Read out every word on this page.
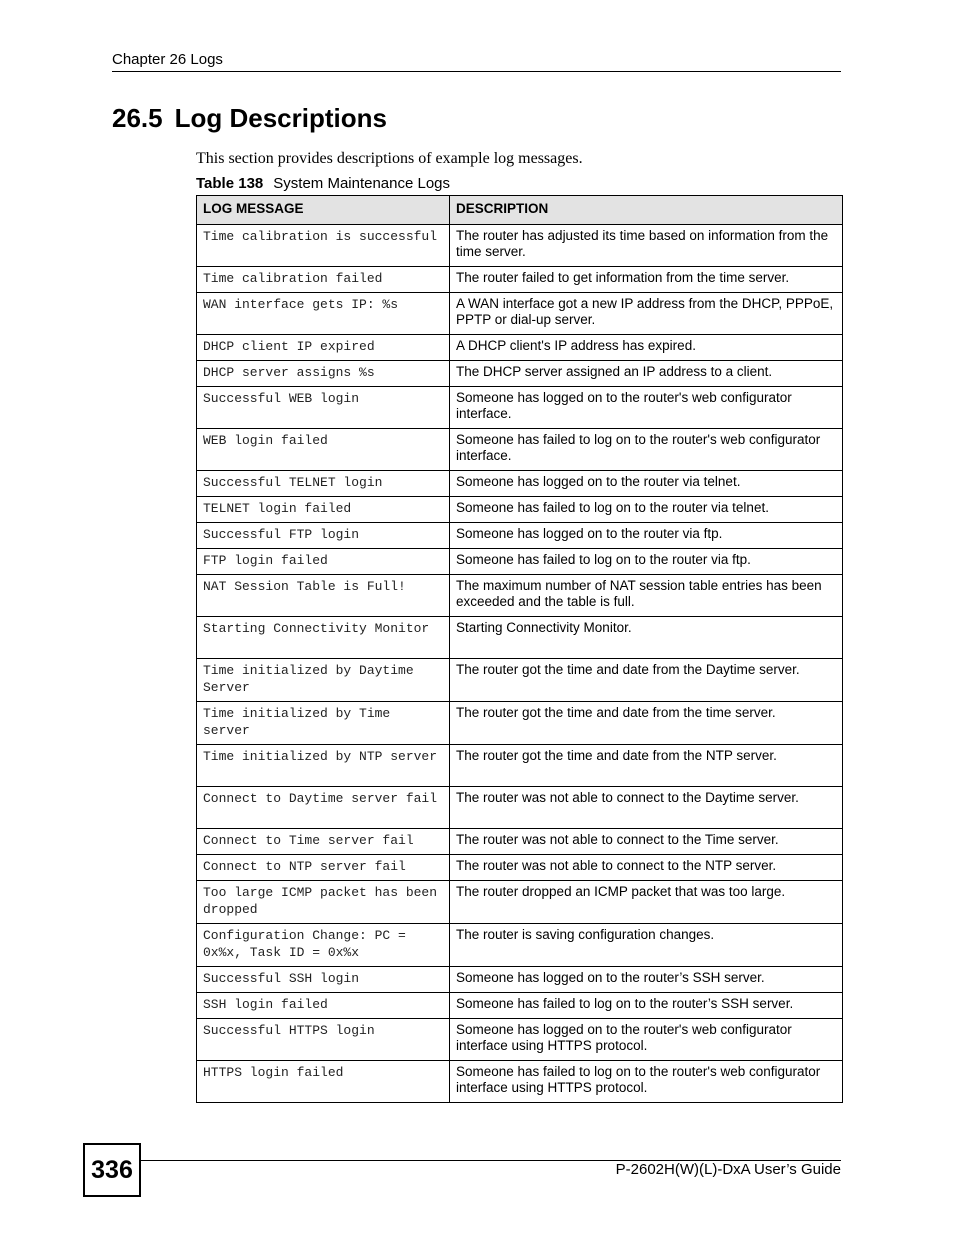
Chapter 26 Logs
26.5 Log Descriptions
This section provides descriptions of example log messages.
Table 138 System Maintenance Logs
LOG MESSAGE	DESCRIPTION
Time calibration is successful	The router has adjusted its time based on information from the time server.
Time calibration failed	The router failed to get information from the time server.
WAN interface gets IP: %s	A WAN interface got a new IP address from the DHCP, PPPoE, PPTP or dial-up server.
DHCP client IP expired	A DHCP client's IP address has expired.
DHCP server assigns %s	The DHCP server assigned an IP address to a client.
Successful WEB login	Someone has logged on to the router's web configurator interface.
WEB login failed	Someone has failed to log on to the router's web configurator interface.
Successful TELNET login	Someone has logged on to the router via telnet.
TELNET login failed	Someone has failed to log on to the router via telnet.
Successful FTP login	Someone has logged on to the router via ftp.
FTP login failed	Someone has failed to log on to the router via ftp.
NAT Session Table is Full!	The maximum number of NAT session table entries has been exceeded and the table is full.
Starting Connectivity Monitor	Starting Connectivity Monitor.
Time initialized by Daytime Server	The router got the time and date from the Daytime server.
Time initialized by Time server	The router got the time and date from the time server.
Time initialized by NTP server	The router got the time and date from the NTP server.
Connect to Daytime server fail	The router was not able to connect to the Daytime server.
Connect to Time server fail	The router was not able to connect to the Time server.
Connect to NTP server fail	The router was not able to connect to the NTP server.
Too large ICMP packet has been dropped	The router dropped an ICMP packet that was too large.
Configuration Change: PC = 0x%x, Task ID = 0x%x	The router is saving configuration changes.
Successful SSH login	Someone has logged on to the router’s SSH server.
SSH login failed	Someone has failed to log on to the router’s SSH server.
Successful HTTPS login	Someone has logged on to the router's web configurator interface using HTTPS protocol.
HTTPS login failed	Someone has failed to log on to the router's web configurator interface using HTTPS protocol.
336	P-2602H(W)(L)-DxA User’s Guide
